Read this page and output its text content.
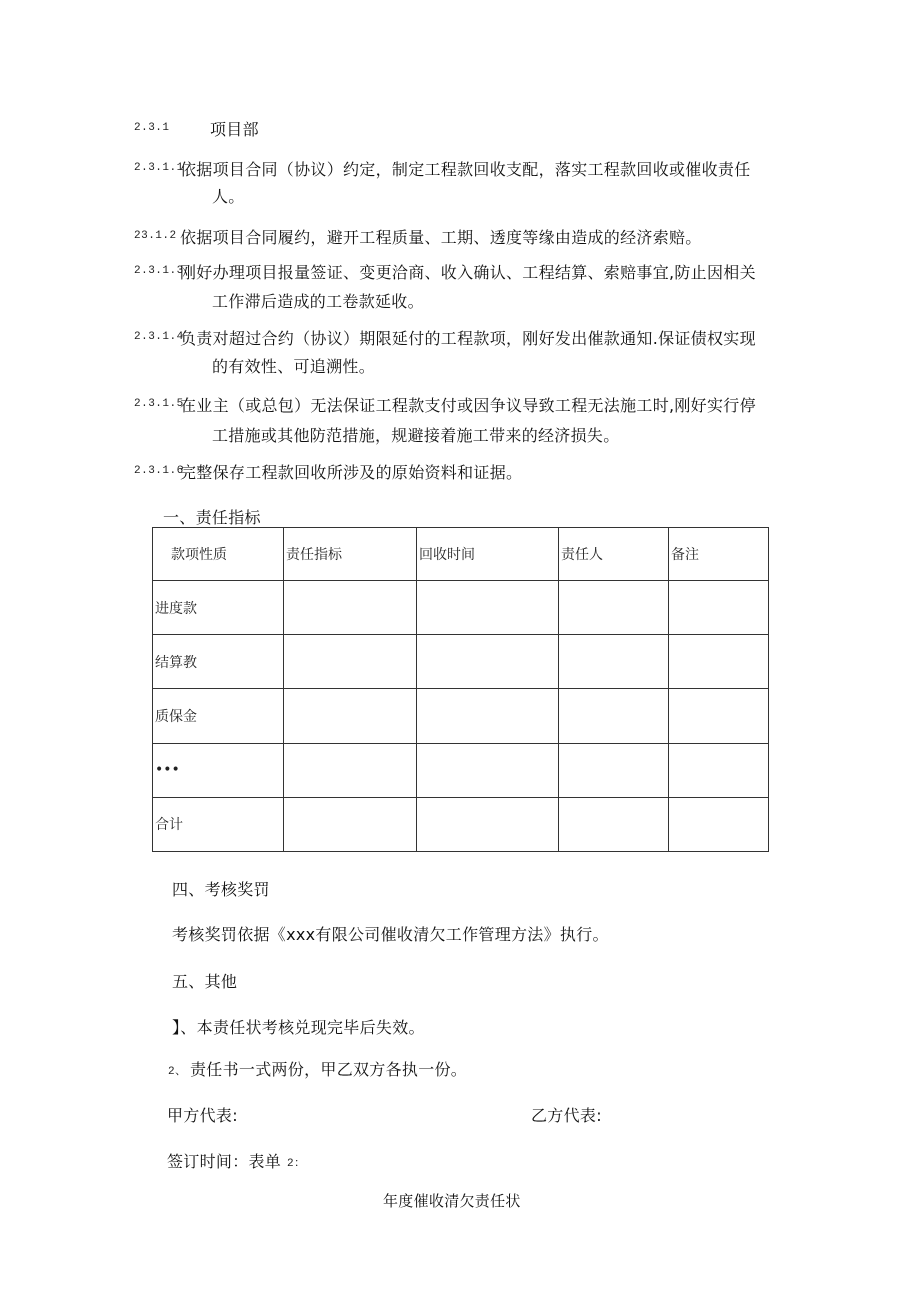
2.3.1	项目部
2.3.1.1
依据项目合同（协议）约定，制定工程款回收支配，落实工程款回收或催收责任
人。
23.1.2 依据项目合同履约，避开工程质量、工期、透度等缘由造成的经济索赔。
2.3.1.3
刚好办理项目报量签证、变更洽商、收入确认、工程结算、索赔事宜,防止因相关
工作滞后造成的工卷款延收。
2.3.1.4
负责对超过合约（协议）期限延付的工程款项，刚好发出催款通知.保证债权实现
的有效性、可追溯性。
2.3.1.5
在业主（或总包）无法保证工程款支付或因争议导致工程无法施工时,刚好实行停
工措施或其他防范措施，规避接着施工带来的经济损失。
2.3.1.6
完整保存工程款回收所涉及的原始资料和证据。
一、责任指标
款项性质	责任指标	回收时间	责任人	备注
进度款				
结算教				
质保金				
•••				
合计				
四、考核奖罚
考核奖罚依据《xxx有限公司催收清欠工作管理方法》执行。
五、其他
】、本责任状考核兑现完毕后失效。
2、 责任书一式两份，甲乙双方各执一份。
甲方代表:	乙方代表:
签订时间：表单 2：
年度催收清欠责任状
